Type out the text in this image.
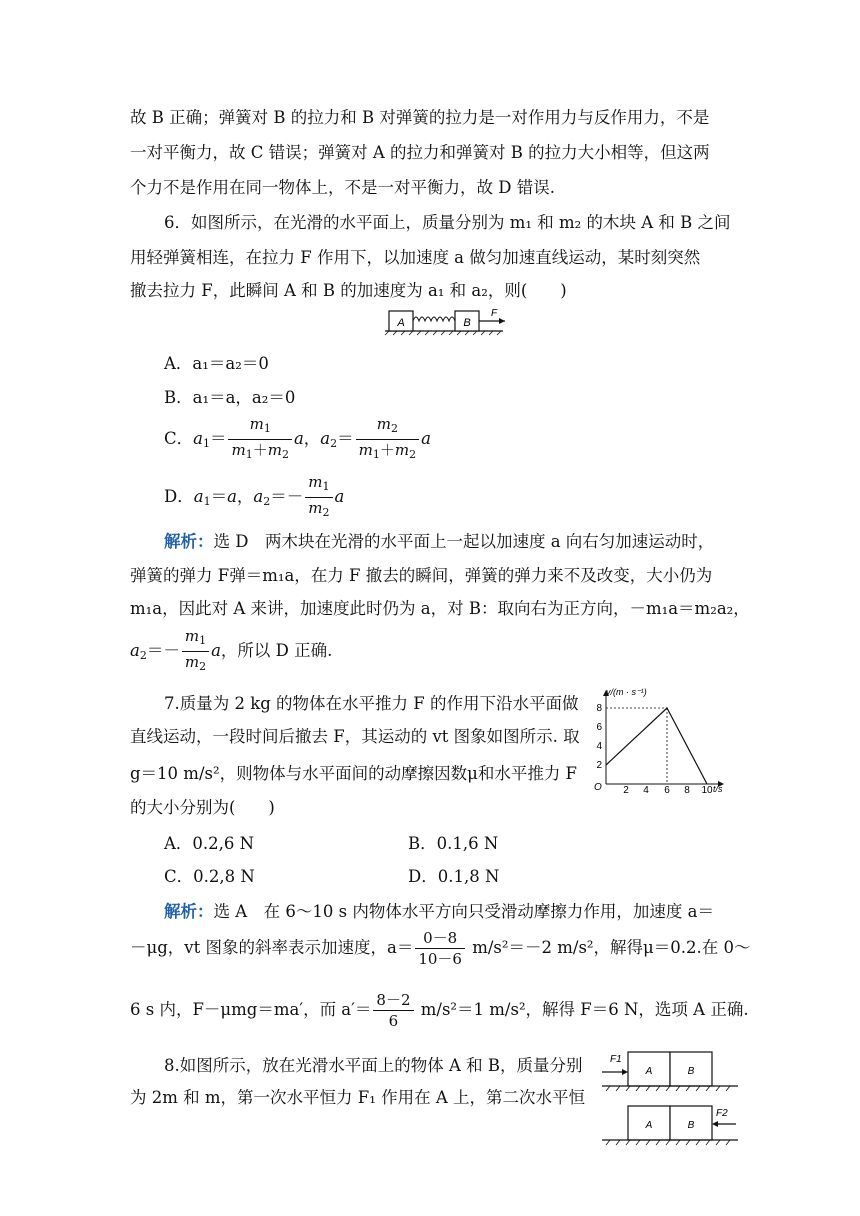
故 B 正确；弹簧对 B 的拉力和 B 对弹簧的拉力是一对作用力与反作用力，不是
一对平衡力，故 C 错误；弹簧对 A 的拉力和弹簧对 B 的拉力大小相等，但这两
个力不是作用在同一物体上，不是一对平衡力，故 D 错误.
6．如图所示，在光滑的水平面上，质量分别为 m₁ 和 m₂ 的木块 A 和 B 之间
用轻弹簧相连，在拉力 F 作用下，以加速度 a 做匀加速直线运动，某时刻突然
撤去拉力 F，此瞬间 A 和 B 的加速度为 a₁ 和 a₂，则(　　)
A	B
F
A．a₁＝a₂＝0
B．a₁＝a，a₂＝0
C．$a_1= \frac{m_1}{m_1+m_2}$ a，$a_2= \frac{m_2}{m_1+m_2}$ a
D．$a_1=a$，$a_2=- \frac{m_1}{m_2}$ a
解析：选 D　两木块在光滑的水平面上一起以加速度 a 向右匀加速运动时，
弹簧的弹力 F弹＝m₁a，在力 F 撤去的瞬间，弹簧的弹力来不及改变，大小仍为
m₁a，因此对 A 来讲，加速度此时仍为 a，对 B：取向右为正方向，－m₁a＝m₂a₂，
$a_2=- \frac{m_1}{m_2}$ a，所以 D 正确.
7.质量为 2 kg 的物体在水平推力 F 的作用下沿水平面做
直线运动，一段时间后撤去 F，其运动的 vt 图象如图所示. 取
g＝10 m/s²，则物体与水平面间的动摩擦因数μ和水平推力 F
的大小分别为(　　)
v/(m · s⁻¹)
t/s
O 2 4 6 8 10
2
4
6
8
A．0.2,6 N	B．0.1,6 N
C．0.2,8 N	D．0.1,8 N
解析：选 A　在 6～10 s 内物体水平方向只受滑动摩擦力作用，加速度 a＝
－μg，vt 图象的斜率表示加速度，$a= \frac{0-8}{10-6} m/s^2=-2$ m/s²，解得μ＝0.2.在 0～
6 s 内，F－μmg＝ma′，而 $a'= \frac{8-2}{6} m/s^2=1$ m/s²，解得 F＝6 N，选项 A 正确.
8.如图所示，放在光滑水平面上的物体 A 和 B，质量分别
为 2m 和 m，第一次水平恒力 F₁ 作用在 A 上，第二次水平恒
F1
A	B
A	B
F2
